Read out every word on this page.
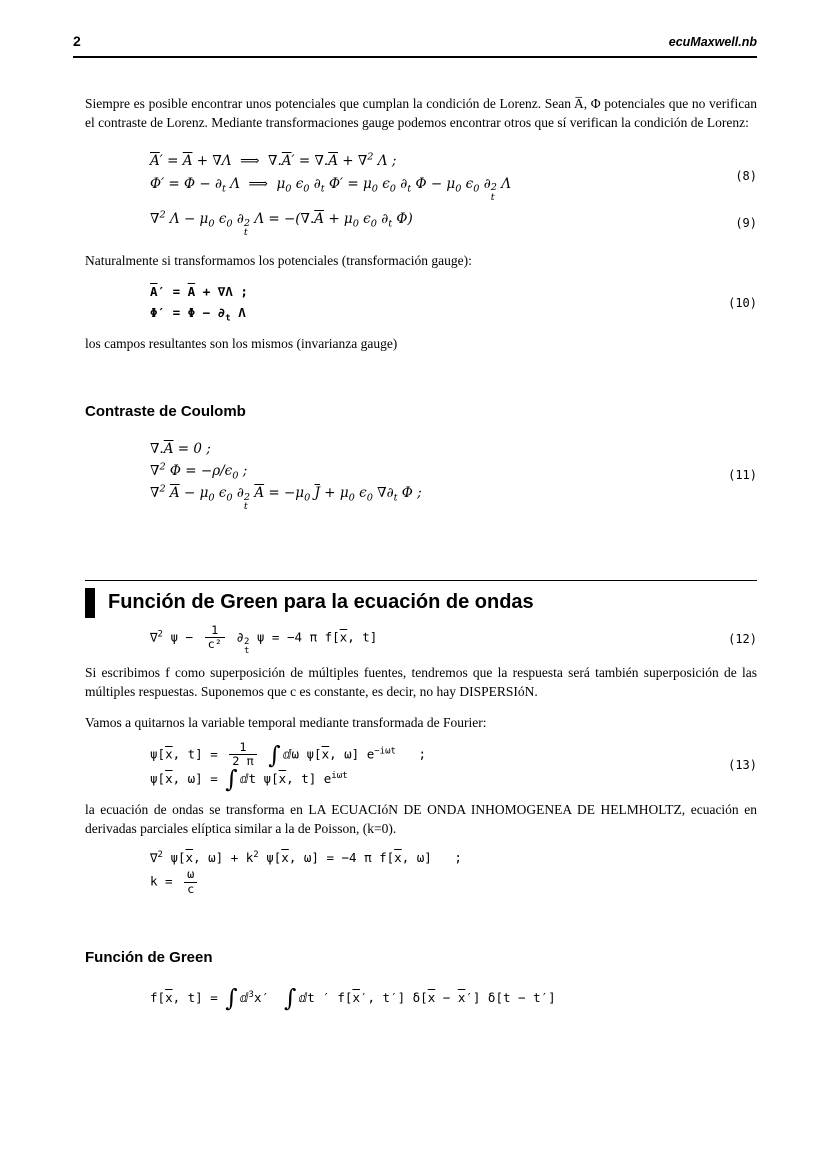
2	ecuMaxwell.nb

Siempre es posible encontrar unos potenciales que cumplan la condición de Lorenz. Sean A̅, Φ potenciales que no verifican el contraste de Lorenz. Mediante transformaciones gauge podemos encontrar otros que sí verifican la condición de Lorenz:

$\overline{A}' = \overline{A} + \nabla\Lambda$  ⟹  $\nabla.\overline{A}' = \nabla.\overline{A} + \nabla^2$ Λ ;
$\Phi' = \Phi - \partial_t$ Λ  ⟹  $\mu_0$ $\epsilon_0$ $\partial_t$ $\Phi' = \mu_0$ $\epsilon_0$ $\partial_t$ $\Phi - \mu_0$ $\epsilon_0$ ∂ 2
t
Λ	(8)
∇$^2$ $\Lambda - \mu_0$ $\epsilon_0$ ∂ 2
t
$\Lambda = -(\nabla.\overline{A} + \mu_0$ $\epsilon_0$ $\partial_t$ Φ)	(9)

Naturalmente si transformamos los potenciales (transformación gauge):

$\overline{A}' = \overline{A} + \nabla\Lambda$ ;
$\Phi' = \Phi - \partial_t$ Λ
(10)

los campos resultantes son los mismos (invarianza gauge)

Contraste de Coulomb
$\nabla.\overline{A} = 0$ ;
∇$^2$ $\Phi = -\rho/\epsilon_0$ ;
∇$^2$ $\overline{A} - \mu_0$ $\epsilon_0$ ∂ 2
t
$\overline{A} = -\mu_0$ $\overline{J} + \mu_0$ $\epsilon_0$ $\nabla\partial_t$ Φ ;
(11)
Función de Green para la ecuación de ondas
∇$^2$ $\psi - \frac{1}{\text{c²}}$ ∂ 2
t
ψ = −4 π $f[\overline{x}$, t]	(12)

Si escribimos f como superposición de múltiples fuentes, tendremos que la respuesta será también superposición de las múltiples respuestas. Suponemos que c es constante, es decir, no hay DISPERSIóN.

Vamos a quitarnos la variable temporal mediante transformada de Fourier:

$\psi[\overline{x}$, $t] = \frac{1}{2 \pi}$ ∫ ⅆω $\psi[\overline{x}$, ω] $e^{-i\omega t}$   ;
$\psi[\overline{x}$, ω] = ∫ ⅆt $\psi[\overline{x}$, t] $e^{i\omega t}$
(13)

la ecuación de ondas se transforma en LA ECUACIóN DE ONDA INHOMOGENEA DE HELMHOLTZ, ecuación en derivadas parciales elíptica similar a la de Poisson, (k=0).

∇$^2$ $\psi[\overline{x}$, $\omega] + k^2$ $\psi[\overline{x}$, ω] = −4 π $f[\overline{x}$, ω]   ;
$k = \frac{\omega}{c}$
Función de Green
$f[\overline{x}$, t] = ∫ ⅆ$^3$x′  ∫ ⅆt ′ $f[\overline{x}'$, t′] $\delta[\overline{x} - \overline{x}'] \delta[t - t']$
